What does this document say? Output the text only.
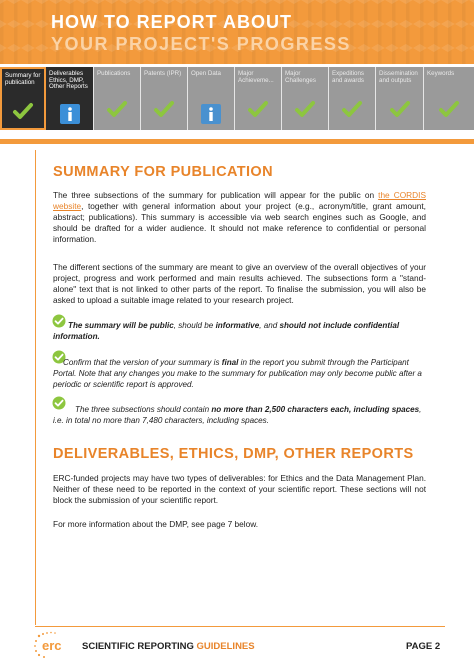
HOW TO REPORT ABOUT
YOUR PROJECT'S PROGRESS
Summary for publication
Deliverables Ethics, DMP, Other Reports
Publications	Patents (IPR)	Open Data	Major Achieveme...
Major Challenges
Expeditions and awards
Dissemination and outputs
Keywords
SUMMARY FOR PUBLICATION
The three subsections of the summary for publication will appear for the public on the CORDIS website, together with general information about your project (e.g., acronym/title, grant amount, abstract; publications). This summary is accessible via web search engines such as Google, and should be drafted for a wider audience. It should not make reference to confidential or personal information.
The different sections of the summary are meant to give an overview of the overall objectives of your project, progress and work performed and main results achieved. The subsections form a "stand-alone" text that is not linked to other parts of the report. To finalise the submission, you will also be asked to upload a suitable image related to your research project.
The summary will be public, should be informative, and should not include confidential information.
Confirm that the version of your summary is final in the report you submit through the Participant Portal. Note that any changes you make to the summary for publication may only become public after a periodic or scientific report is approved.
The three subsections should contain no more than 2,500 characters each, including spaces, i.e. in total no more than 7,480 characters, including spaces.
DELIVERABLES, ETHICS, DMP, OTHER REPORTS
ERC-funded projects may have two types of deliverables: for Ethics and the Data Management Plan. Neither of these need to be reported in the context of your scientific report. These sections will not block the submission of your scientific report.
For more information about the DMP, see page 7 below.
erc SCIENTIFIC REPORTING GUIDELINES	PAGE 2
